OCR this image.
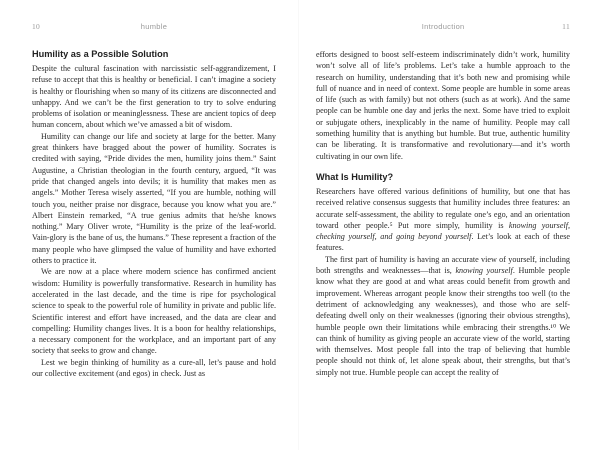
10	humble
Humility as a Possible Solution

Despite the cultural fascination with narcissistic self-aggrandizement, I refuse to accept that this is healthy or beneficial. I can’t imagine a society is healthy or flourishing when so many of its citizens are disconnected and unhappy. And we can’t be the first generation to try to solve enduring problems of isolation or meaninglessness. These are ancient topics of deep human concern, about which we’ve amassed a bit of wisdom.

Humility can change our life and society at large for the better. Many great thinkers have bragged about the power of humility. Socrates is credited with saying, “Pride divides the men, humility joins them.” Saint Augustine, a Christian theologian in the fourth century, argued, “It was pride that changed angels into devils; it is humility that makes men as angels.” Mother Teresa wisely asserted, “If you are humble, nothing will touch you, neither praise nor disgrace, because you know what you are.” Albert Einstein remarked, “A true genius admits that he/she knows nothing.” Mary Oliver wrote, “Humility is the prize of the leaf-world. Vain-glory is the bane of us, the humans.” These represent a fraction of the many people who have glimpsed the value of humility and have exhorted others to practice it.

We are now at a place where modern science has confirmed ancient wisdom: Humility is powerfully transformative. Research in humility has accelerated in the last decade, and the time is ripe for psychological science to speak to the powerful role of humility in private and public life. Scientific interest and effort have increased, and the data are clear and compelling: Humility changes lives. It is a boon for healthy relationships, a necessary component for the workplace, and an important part of any society that seeks to grow and change.

Lest we begin thinking of humility as a cure-all, let’s pause and hold our collective excitement (and egos) in check. Just as

Introduction	11

efforts designed to boost self-esteem indiscriminately didn’t work, humility won’t solve all of life’s problems. Let’s take a humble approach to the research on humility, understanding that it’s both new and promising while full of nuance and in need of context. Some people are humble in some areas of life (such as with family) but not others (such as at work). And the same people can be humble one day and jerks the next. Some have tried to exploit or subjugate others, inexplicably in the name of humility. People may call something humility that is anything but humble. But true, authentic humility can be liberating. It is transformative and revolutionary—and it’s worth cultivating in our own life.

What Is Humility?

Researchers have offered various definitions of humility, but one that has received relative consensus suggests that humility includes three features: an accurate self-assessment, the ability to regulate one’s ego, and an orientation toward other people.⁵ Put more simply, humility is knowing yourself, checking yourself, and going beyond yourself. Let’s look at each of these features.

The first part of humility is having an accurate view of yourself, including both strengths and weaknesses—that is, knowing yourself. Humble people know what they are good at and what areas could benefit from growth and improvement. Whereas arrogant people know their strengths too well (to the detriment of acknowledging any weaknesses), and those who are self-defeating dwell only on their weaknesses (ignoring their obvious strengths), humble people own their limitations while embracing their strengths.¹⁰ We can think of humility as giving people an accurate view of the world, starting with themselves. Most people fall into the trap of believing that humble people should not think of, let alone speak about, their strengths, but that’s simply not true. Humble people can accept the reality of
